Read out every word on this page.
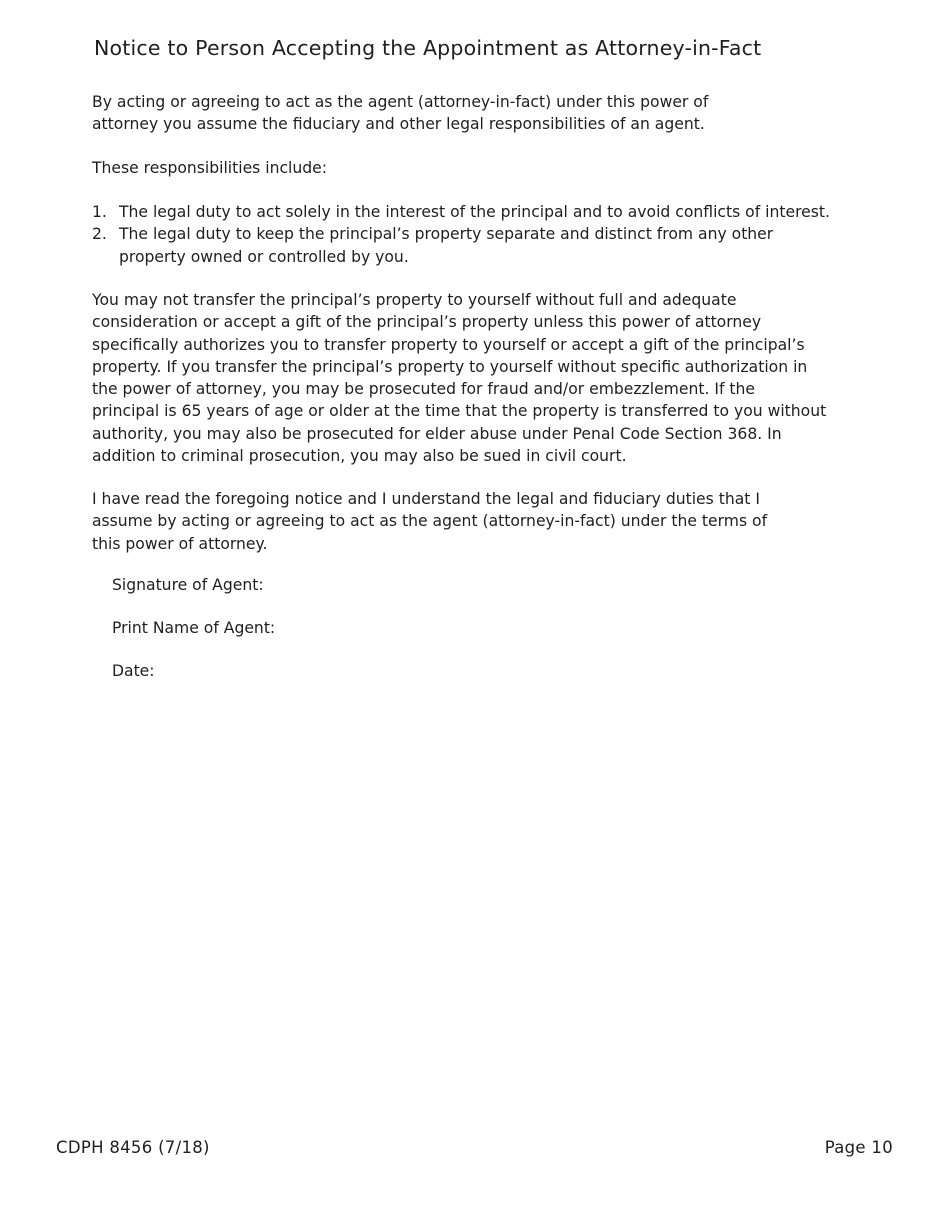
Notice to Person Accepting the Appointment as Attorney-in-Fact
By acting or agreeing to act as the agent (attorney-in-fact) under this power of
attorney you assume the fiduciary and other legal responsibilities of an agent.
These responsibilities include:
1. The legal duty to act solely in the interest of the principal and to avoid conflicts of interest.
2. The legal duty to keep the principal’s property separate and distinct from any other
property owned or controlled by you.
You may not transfer the principal’s property to yourself without full and adequate
consideration or accept a gift of the principal’s property unless this power of attorney
specifically authorizes you to transfer property to yourself or accept a gift of the principal’s
property. If you transfer the principal’s property to yourself without specific authorization in
the power of attorney, you may be prosecuted for fraud and/or embezzlement. If the
principal is 65 years of age or older at the time that the property is transferred to you without
authority, you may also be prosecuted for elder abuse under Penal Code Section 368. In
addition to criminal prosecution, you may also be sued in civil court.
I have read the foregoing notice and I understand the legal and fiduciary duties that I
assume by acting or agreeing to act as the agent (attorney-in-fact) under the terms of
this power of attorney.
Signature of Agent:
Print Name of Agent:
Date:
CDPH 8456 (7/18)	Page 10
